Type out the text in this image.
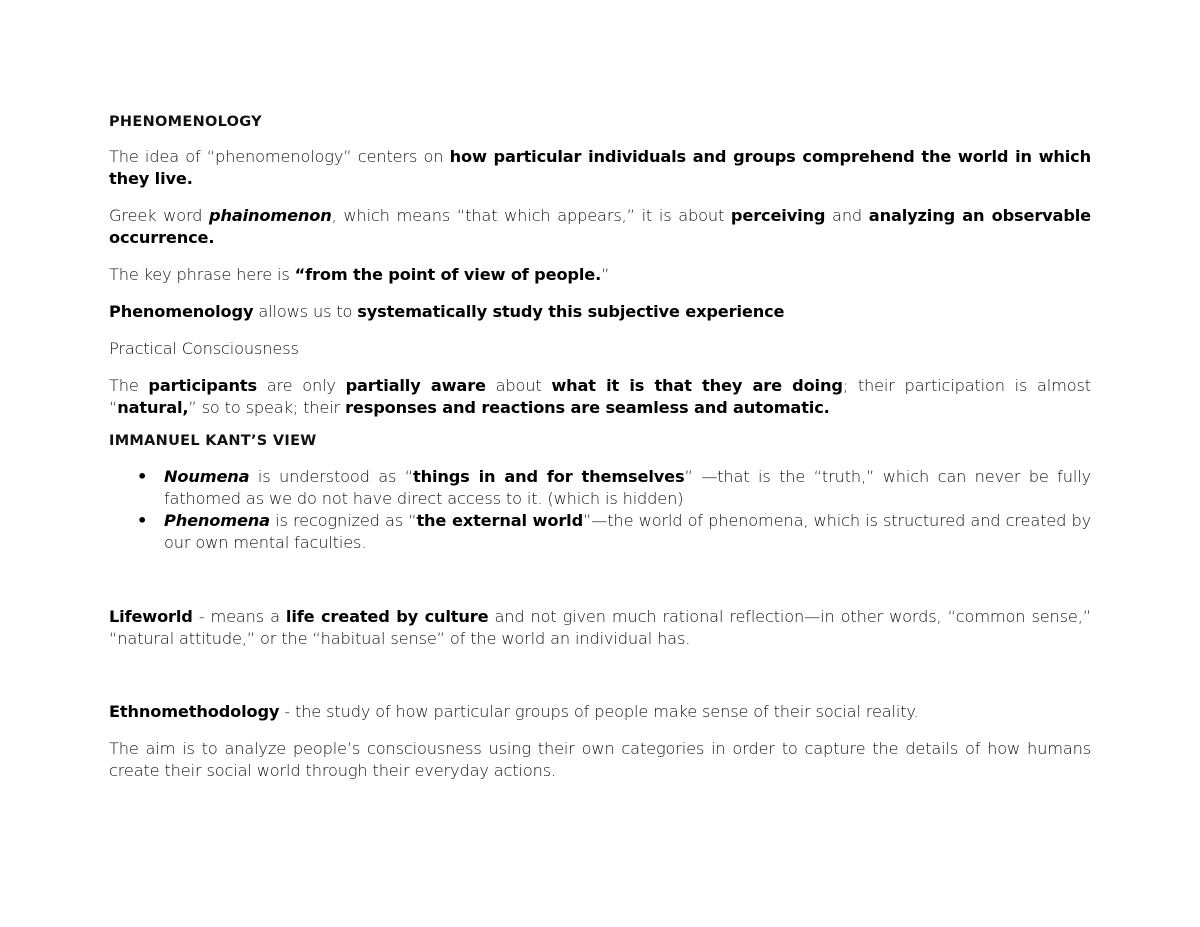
PHENOMENOLOGY

The idea of “phenomenology” centers on how particular individuals and groups comprehend the world in which they live.

Greek word phainomenon, which means “that which appears,” it is about perceiving and analyzing an observable occurrence.

The key phrase here is “from the point of view of people.”

Phenomenology allows us to systematically study this subjective experience

Practical Consciousness

The participants are only partially aware about what it is that they are doing; their participation is almost “natural,” so to speak; their responses and reactions are seamless and automatic.

IMMANUEL KANT’S VIEW
• Noumena is understood as “things in and for themselves” —that is the “truth,” which can never be fully fathomed as we do not have direct access to it. (which is hidden)
• Phenomena is recognized as “the external world”—the world of phenomena, which is structured and created by our own mental faculties.

Lifeworld - means a life created by culture and not given much rational reflection—in other words, “common sense,” “natural attitude,” or the “habitual sense” of the world an individual has.

Ethnomethodology - the study of how particular groups of people make sense of their social reality.

The aim is to analyze people’s consciousness using their own categories in order to capture the details of how humans create their social world through their everyday actions.
